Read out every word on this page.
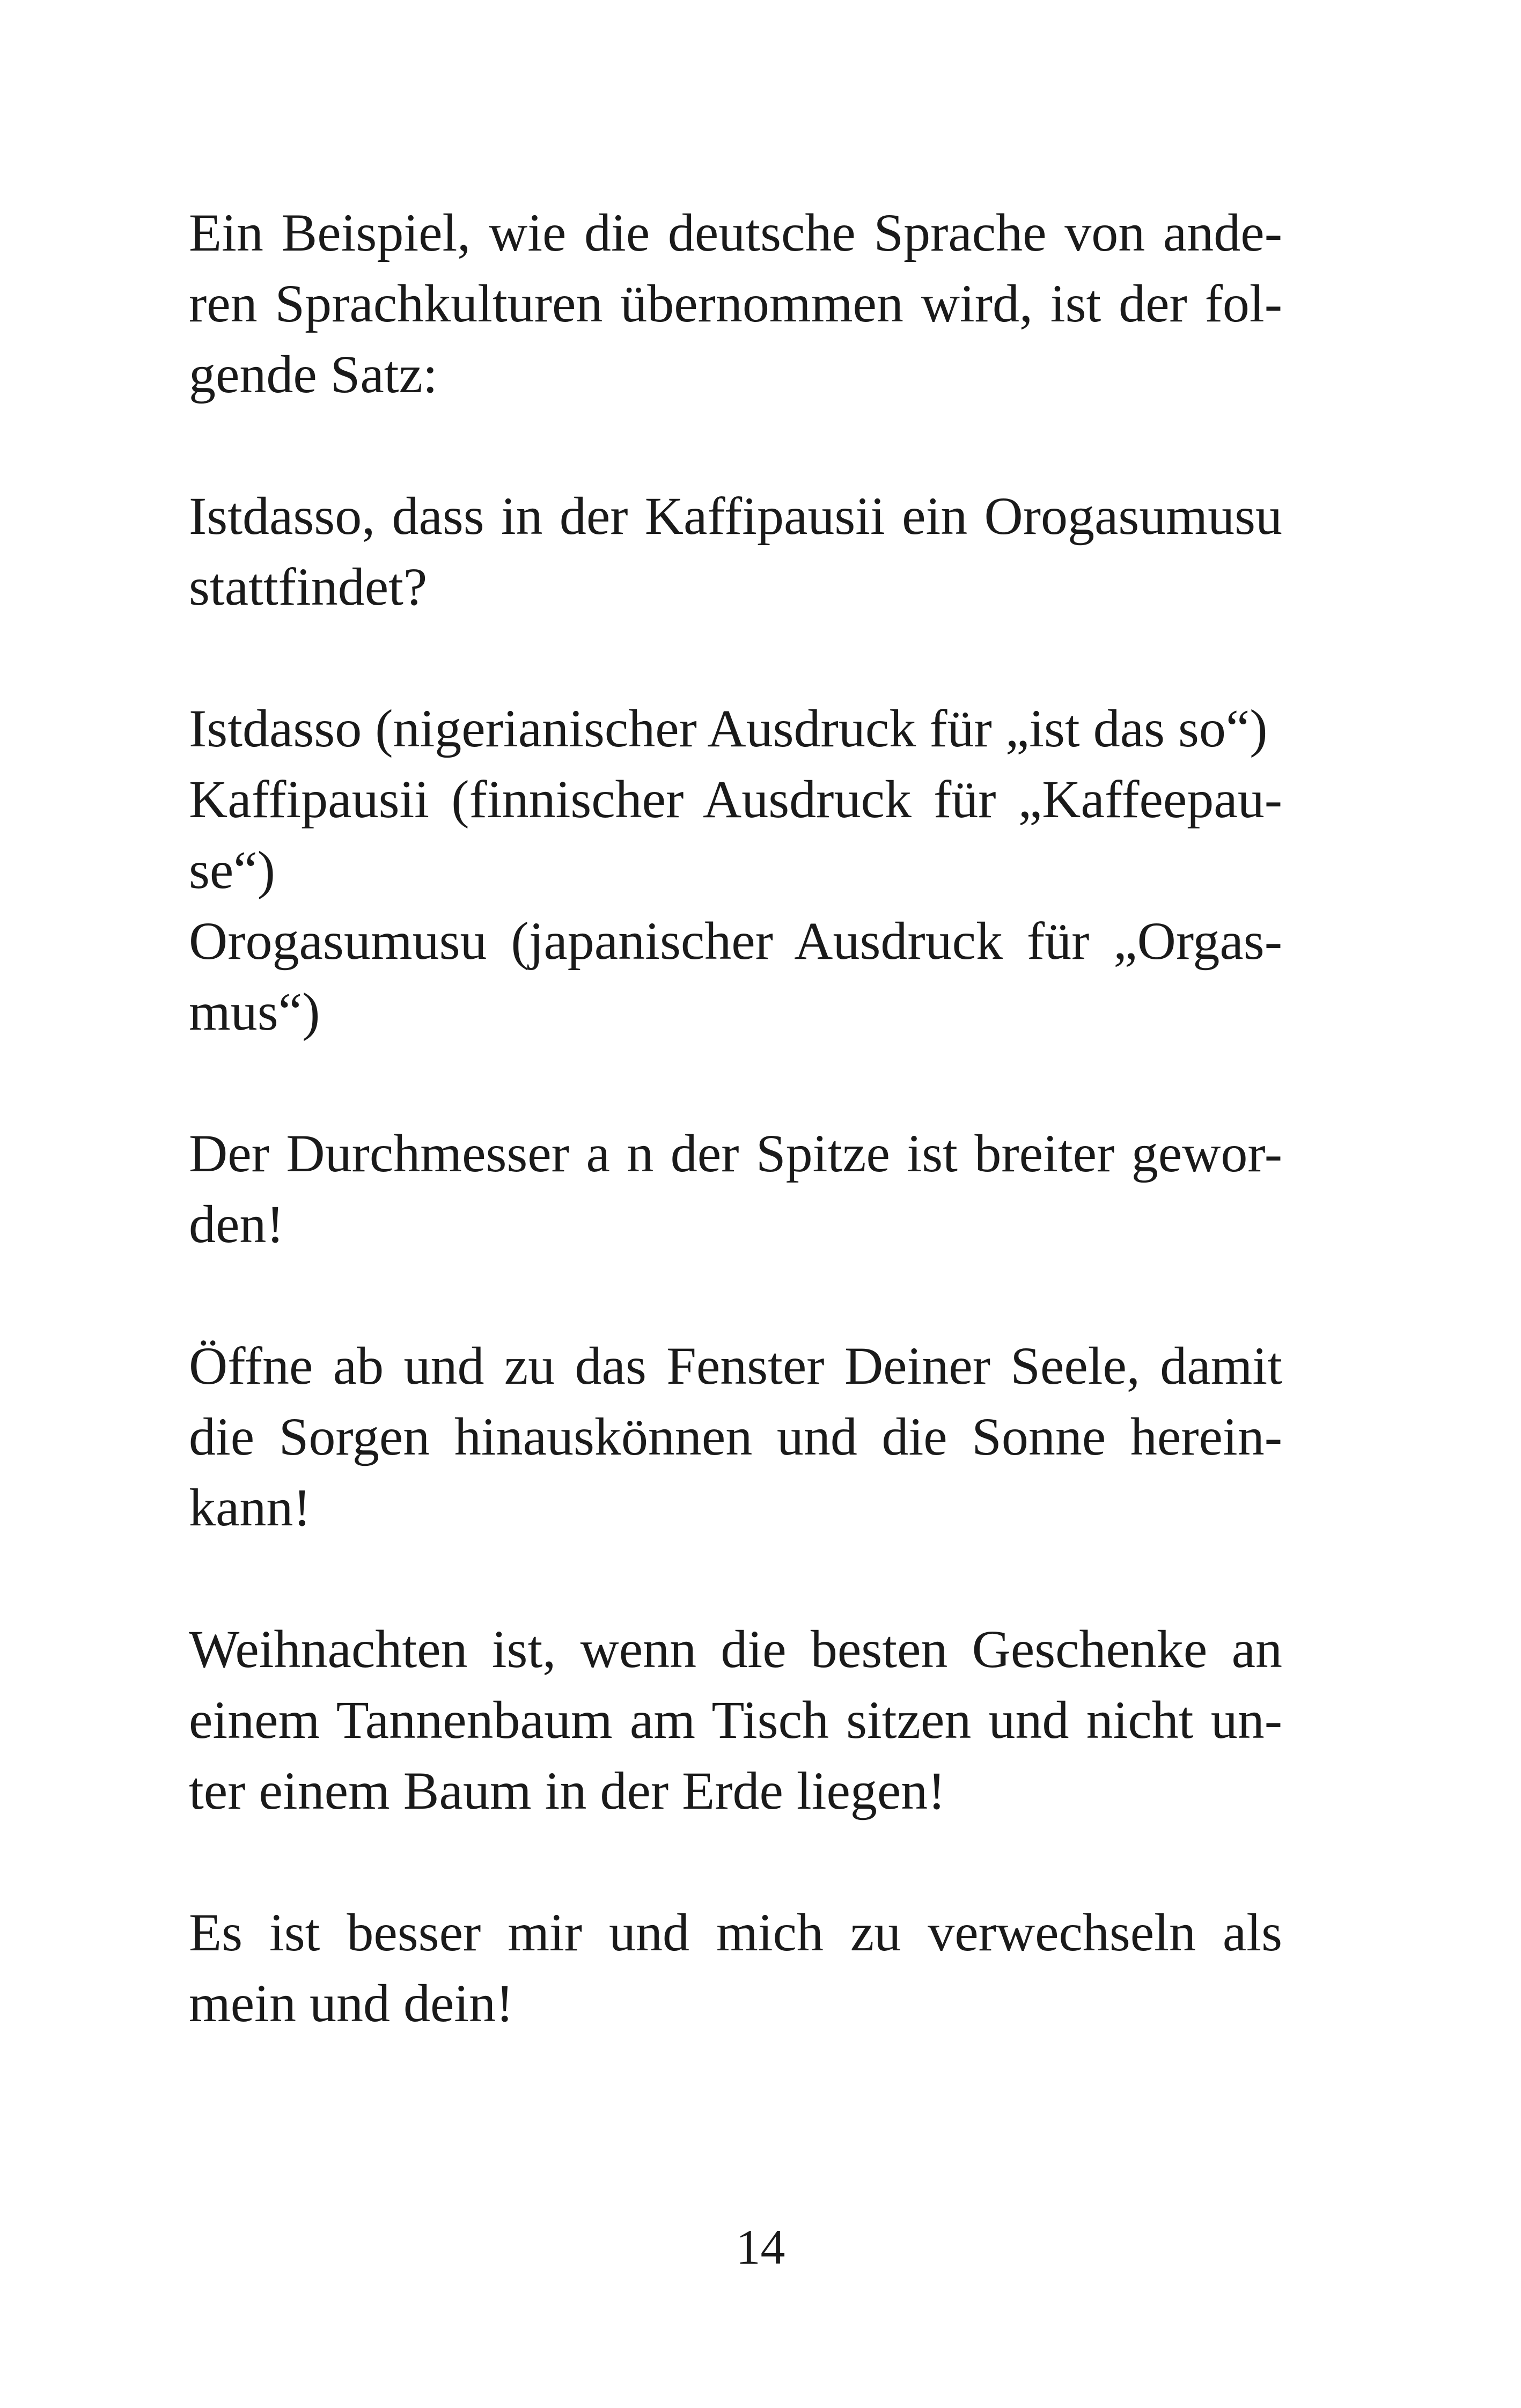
Ein Beispiel, wie die deutsche Sprache von ande-
ren Sprachkulturen übernommen wird, ist der fol-
gende Satz:
Istdasso, dass in der Kaffipausii ein Orogasumusu
stattfindet?
Istdasso (nigerianischer Ausdruck für „ist das so“)
Kaffipausii (finnischer Ausdruck für „Kaffeepau-
se“)
Orogasumusu (japanischer Ausdruck für „Orgas-
mus“)
Der Durchmesser a n der Spitze ist breiter gewor-
den!
Öffne ab und zu das Fenster Deiner Seele, damit
die Sorgen hinauskönnen und die Sonne herein-
kann!
Weihnachten ist, wenn die besten Geschenke an
einem Tannenbaum am Tisch sitzen und nicht un-
ter einem Baum in der Erde liegen!
Es ist besser mir und mich zu verwechseln als
mein und dein!
14
